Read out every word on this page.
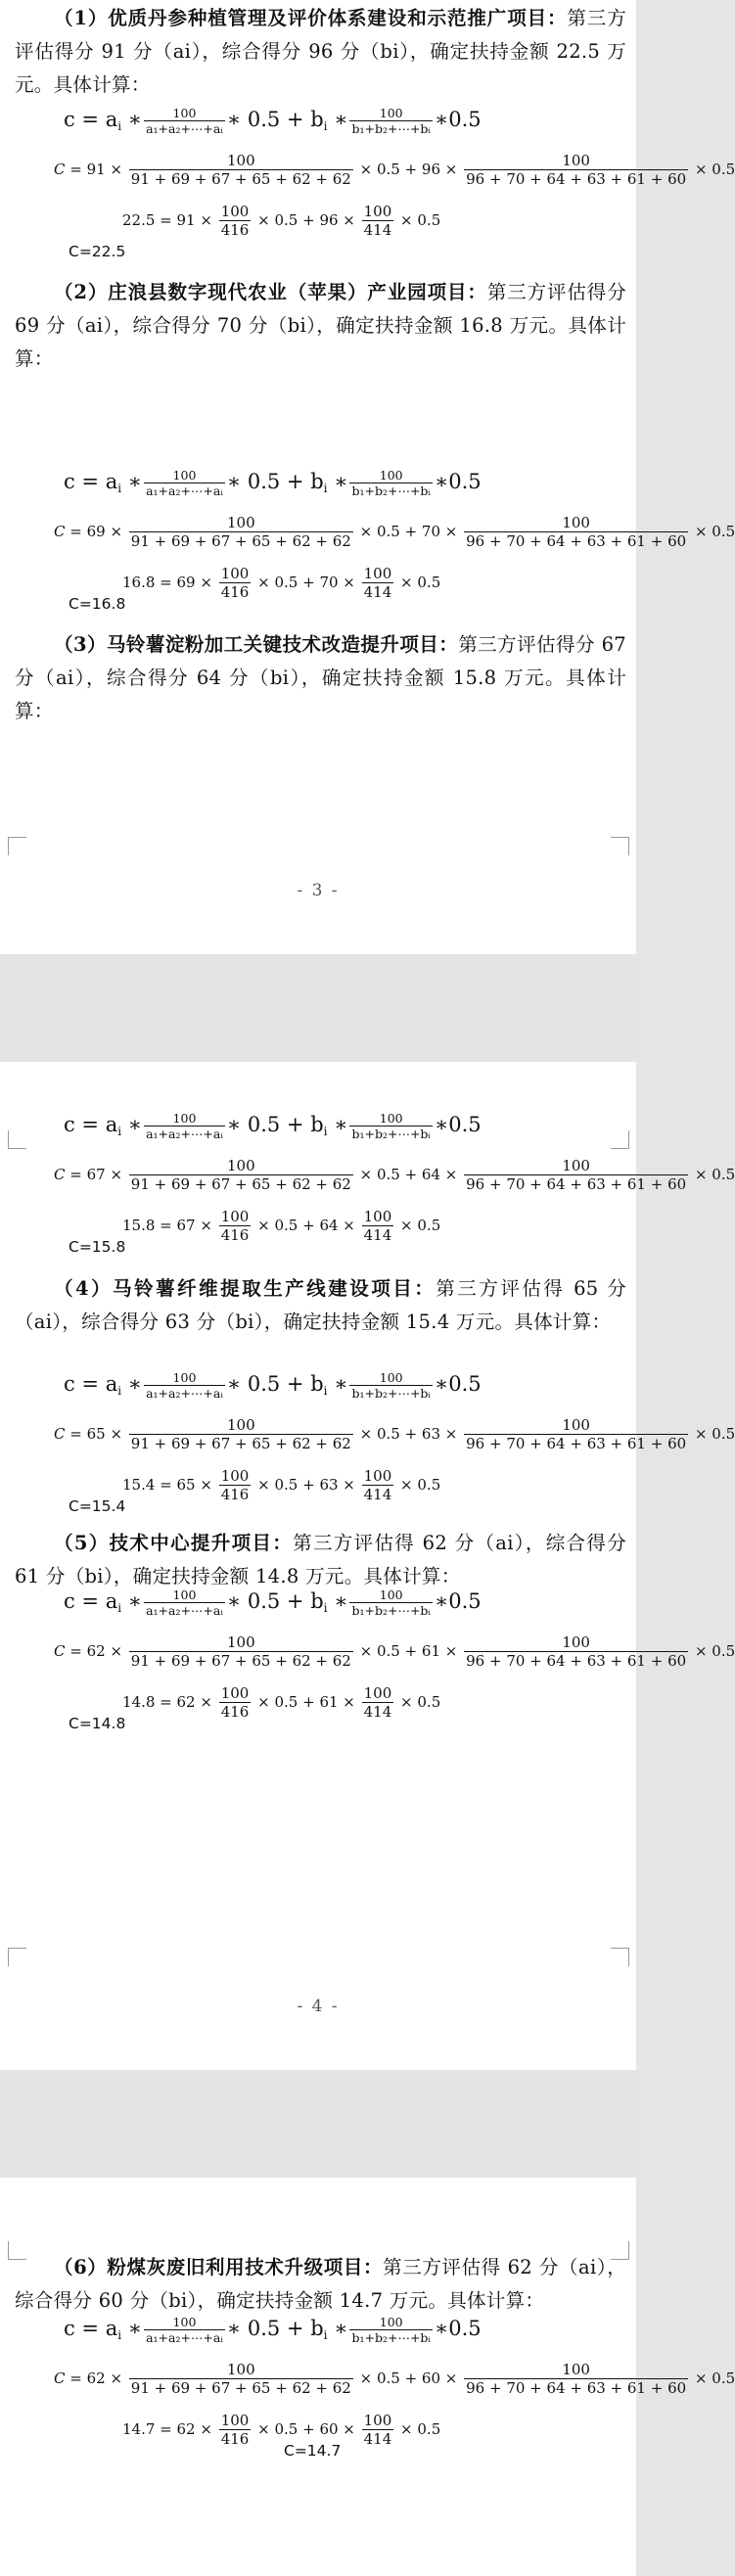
- 3 -
- 4 -

（1）优质丹参种植管理及评价体系建设和示范推广项目：第三方评估得分 91 分（ai），综合得分 96 分（bi），确定扶持金额 22.5 万元。具体计算：

$c = a_i$ ∗ $\frac{100}{\text{a₁+a₂+⋯+aᵢ}}$ ∗ $0.5 + b_i$ ∗ $\frac{100}{\text{b₁+b₂+⋯+bᵢ}}$ ∗0.5
$C = 91 \times \frac{100}{91 + 69 + 67 + 65 + 62 + 62} \times 0.5 + 96 \times \frac{100}{96 + 70 + 64 + 63 + 61 + 60} \times 0.5$
$22.5 = 91 \times \frac{100}{416} \times 0.5 + 96 \times \frac{100}{414} \times 0.5$
C=22.5

（2）庄浪县数字现代农业（苹果）产业园项目：第三方评估得分 69 分（ai），综合得分 70 分（bi），确定扶持金额 16.8 万元。具体计算：

$c = a_i$ ∗ $\frac{100}{\text{a₁+a₂+⋯+aᵢ}}$ ∗ $0.5 + b_i$ ∗ $\frac{100}{\text{b₁+b₂+⋯+bᵢ}}$ ∗0.5
$C = 69 \times \frac{100}{91 + 69 + 67 + 65 + 62 + 62} \times 0.5 + 70 \times \frac{100}{96 + 70 + 64 + 63 + 61 + 60} \times 0.5$
$16.8 = 69 \times \frac{100}{416} \times 0.5 + 70 \times \frac{100}{414} \times 0.5$
C=16.8

（3）马铃薯淀粉加工关键技术改造提升项目：第三方评估得分 67 分（ai），综合得分 64 分（bi），确定扶持金额 15.8 万元。具体计算：

$c = a_i$ ∗ $\frac{100}{\text{a₁+a₂+⋯+aᵢ}}$ ∗ $0.5 + b_i$ ∗ $\frac{100}{\text{b₁+b₂+⋯+bᵢ}}$ ∗0.5
$C = 67 \times \frac{100}{91 + 69 + 67 + 65 + 62 + 62} \times 0.5 + 64 \times \frac{100}{96 + 70 + 64 + 63 + 61 + 60} \times 0.5$
$15.8 = 67 \times \frac{100}{416} \times 0.5 + 64 \times \frac{100}{414} \times 0.5$
C=15.8

（4）马铃薯纤维提取生产线建设项目：第三方评估得 65 分（ai），综合得分 63 分（bi），确定扶持金额 15.4 万元。具体计算：

$c = a_i$ ∗ $\frac{100}{\text{a₁+a₂+⋯+aᵢ}}$ ∗ $0.5 + b_i$ ∗ $\frac{100}{\text{b₁+b₂+⋯+bᵢ}}$ ∗0.5
$C = 65 \times \frac{100}{91 + 69 + 67 + 65 + 62 + 62} \times 0.5 + 63 \times \frac{100}{96 + 70 + 64 + 63 + 61 + 60} \times 0.5$
$15.4 = 65 \times \frac{100}{416} \times 0.5 + 63 \times \frac{100}{414} \times 0.5$
C=15.4

（5）技术中心提升项目：第三方评估得 62 分（ai），综合得分 61 分（bi），确定扶持金额 14.8 万元。具体计算：

$c = a_i$ ∗ $\frac{100}{\text{a₁+a₂+⋯+aᵢ}}$ ∗ $0.5 + b_i$ ∗ $\frac{100}{\text{b₁+b₂+⋯+bᵢ}}$ ∗0.5
$C = 62 \times \frac{100}{91 + 69 + 67 + 65 + 62 + 62} \times 0.5 + 61 \times \frac{100}{96 + 70 + 64 + 63 + 61 + 60} \times 0.5$
$14.8 = 62 \times \frac{100}{416} \times 0.5 + 61 \times \frac{100}{414} \times 0.5$
C=14.8

（6）粉煤灰废旧利用技术升级项目：第三方评估得 62 分（ai），综合得分 60 分（bi），确定扶持金额 14.7 万元。具体计算：

$c = a_i$ ∗ $\frac{100}{\text{a₁+a₂+⋯+aᵢ}}$ ∗ $0.5 + b_i$ ∗ $\frac{100}{\text{b₁+b₂+⋯+bᵢ}}$ ∗0.5
$C = 62 \times \frac{100}{91 + 69 + 67 + 65 + 62 + 62} \times 0.5 + 60 \times \frac{100}{96 + 70 + 64 + 63 + 61 + 60} \times 0.5$
$14.7 = 62 \times \frac{100}{416} \times 0.5 + 60 \times \frac{100}{414} \times 0.5$
C=14.7
